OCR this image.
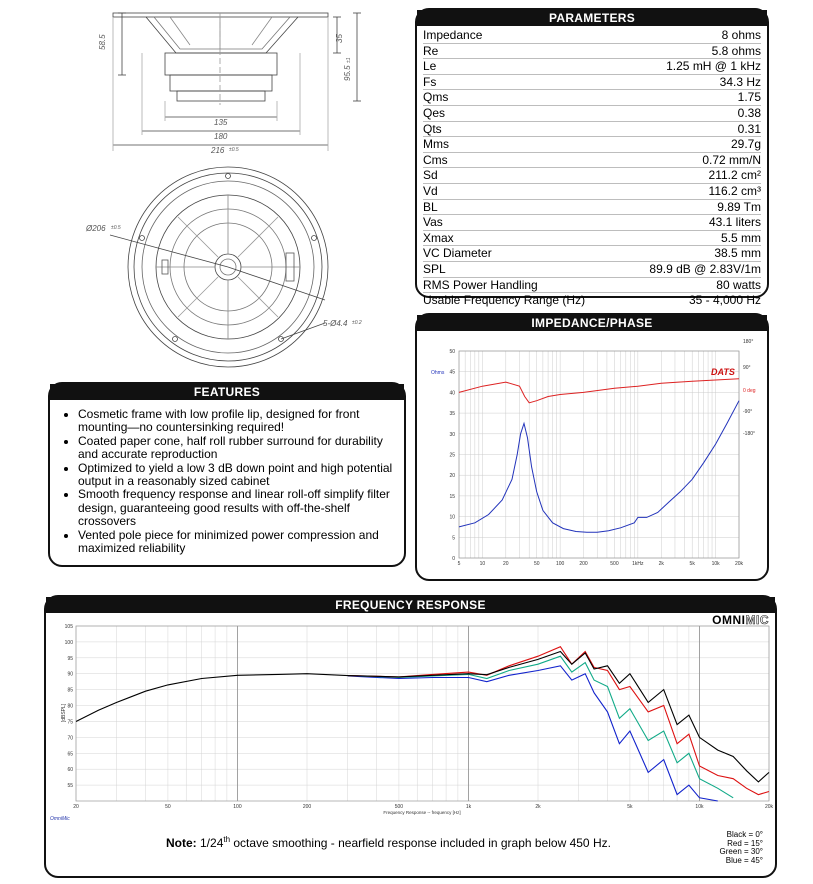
58.5	35
95.5
±1
135
180
216 ±0.5
Ø206 ±0.5
5-Ø4.4 ±0.2
PARAMETERS
Impedance	8 ohms
Re	5.8 ohms
Le	1.25 mH @ 1 kHz
Fs	34.3 Hz
Qms	1.75
Qes	0.38
Qts	0.31
Mms	29.7g
Cms	0.72 mm/N
Sd	211.2 cm²
Vd	116.2 cm³
BL	9.89 Tm
Vas	43.1 liters
Xmax	5.5 mm
VC Diameter	38.5 mm
SPL	89.9 dB @ 2.83V/1m
RMS Power Handling	80 watts
Usable Frequency Range (Hz)	35 - 4,000 Hz
FEATURES
• Cosmetic frame with low profile lip, designed for front mounting—no countersinking required!
• Coated paper cone, half roll rubber surround for durability and accurate reproduction
• Optimized to yield a low 3 dB down point and high potential output in a reasonably sized cabinet
• Smooth frequency response and linear roll-off simplify filter design, guaranteeing good results with off-the-shelf crossovers
• Vented pole piece for minimized power compression and maximized reliability
IMPEDANCE/PHASE
0
5
10
15
20
25
30
35
40
45
50
5	10	20	50	100	200	500	1kHz	2k	5k	10k	20k
180°
90°
0 deg
-90°
-180°
Ohms	DATS
FREQUENCY RESPONSE
OMNIMIC
55
60
65
70
75
80
85
90
95
100
105
20	50	100	200	500	1k	2k	5k	10k	20k
[dBSPL]
Frequency Response -- frequency [Hz]
OmniMic
Note: 1/24th octave smoothing - nearfield response included in graph below 450 Hz.
Black = 0°
Red = 15°
Green = 30°
Blue = 45°
